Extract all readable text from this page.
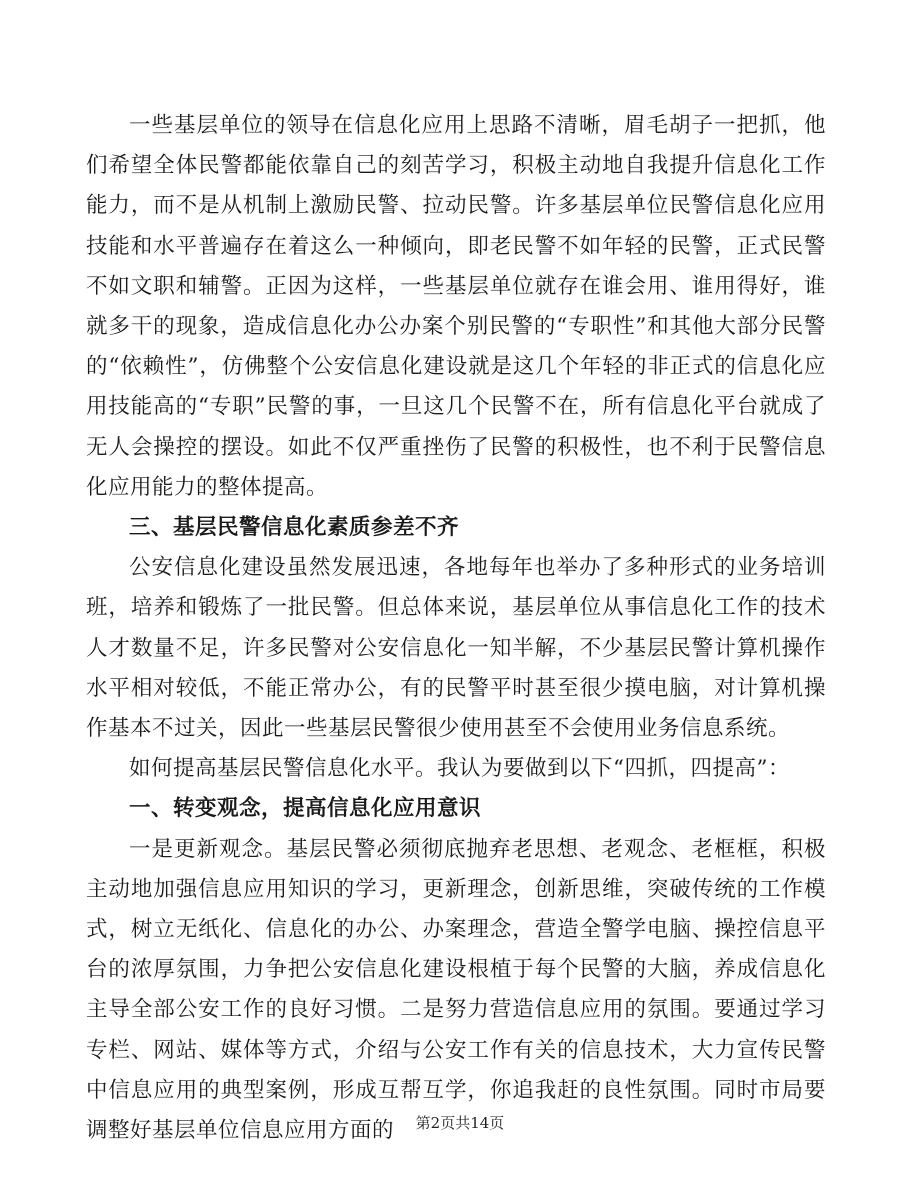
一些基层单位的领导在信息化应用上思路不清晰，眉毛胡子一把抓，他们希望全体民警都能依靠自己的刻苦学习，积极主动地自我提升信息化工作能力，而不是从机制上激励民警、拉动民警。许多基层单位民警信息化应用技能和水平普遍存在着这么一种倾向，即老民警不如年轻的民警，正式民警不如文职和辅警。正因为这样，一些基层单位就存在谁会用、谁用得好，谁就多干的现象，造成信息化办公办案个别民警的“专职性”和其他大部分民警的“依赖性”，仿佛整个公安信息化建设就是这几个年轻的非正式的信息化应用技能高的“专职”民警的事，一旦这几个民警不在，所有信息化平台就成了无人会操控的摆设。如此不仅严重挫伤了民警的积极性，也不利于民警信息化应用能力的整体提高。

三、基层民警信息化素质参差不齐

公安信息化建设虽然发展迅速，各地每年也举办了多种形式的业务培训班，培养和锻炼了一批民警。但总体来说，基层单位从事信息化工作的技术人才数量不足，许多民警对公安信息化一知半解，不少基层民警计算机操作水平相对较低，不能正常办公，有的民警平时甚至很少摸电脑，对计算机操作基本不过关，因此一些基层民警很少使用甚至不会使用业务信息系统。

如何提高基层民警信息化水平。我认为要做到以下“四抓，四提高”：

一、转变观念，提高信息化应用意识

一是更新观念。基层民警必须彻底抛弃老思想、老观念、老框框，积极主动地加强信息应用知识的学习，更新理念，创新思维，突破传统的工作模式，树立无纸化、信息化的办公、办案理念，营造全警学电脑、操控信息平台的浓厚氛围，力争把公安信息化建设根植于每个民警的大脑，养成信息化主导全部公安工作的良好习惯。二是努力营造信息应用的氛围。要通过学习专栏、网站、媒体等方式，介绍与公安工作有关的信息技术，大力宣传民警中信息应用的典型案例，形成互帮互学，你追我赶的良性氛围。同时市局要调整好基层单位信息应用方面的	第2页共14页
